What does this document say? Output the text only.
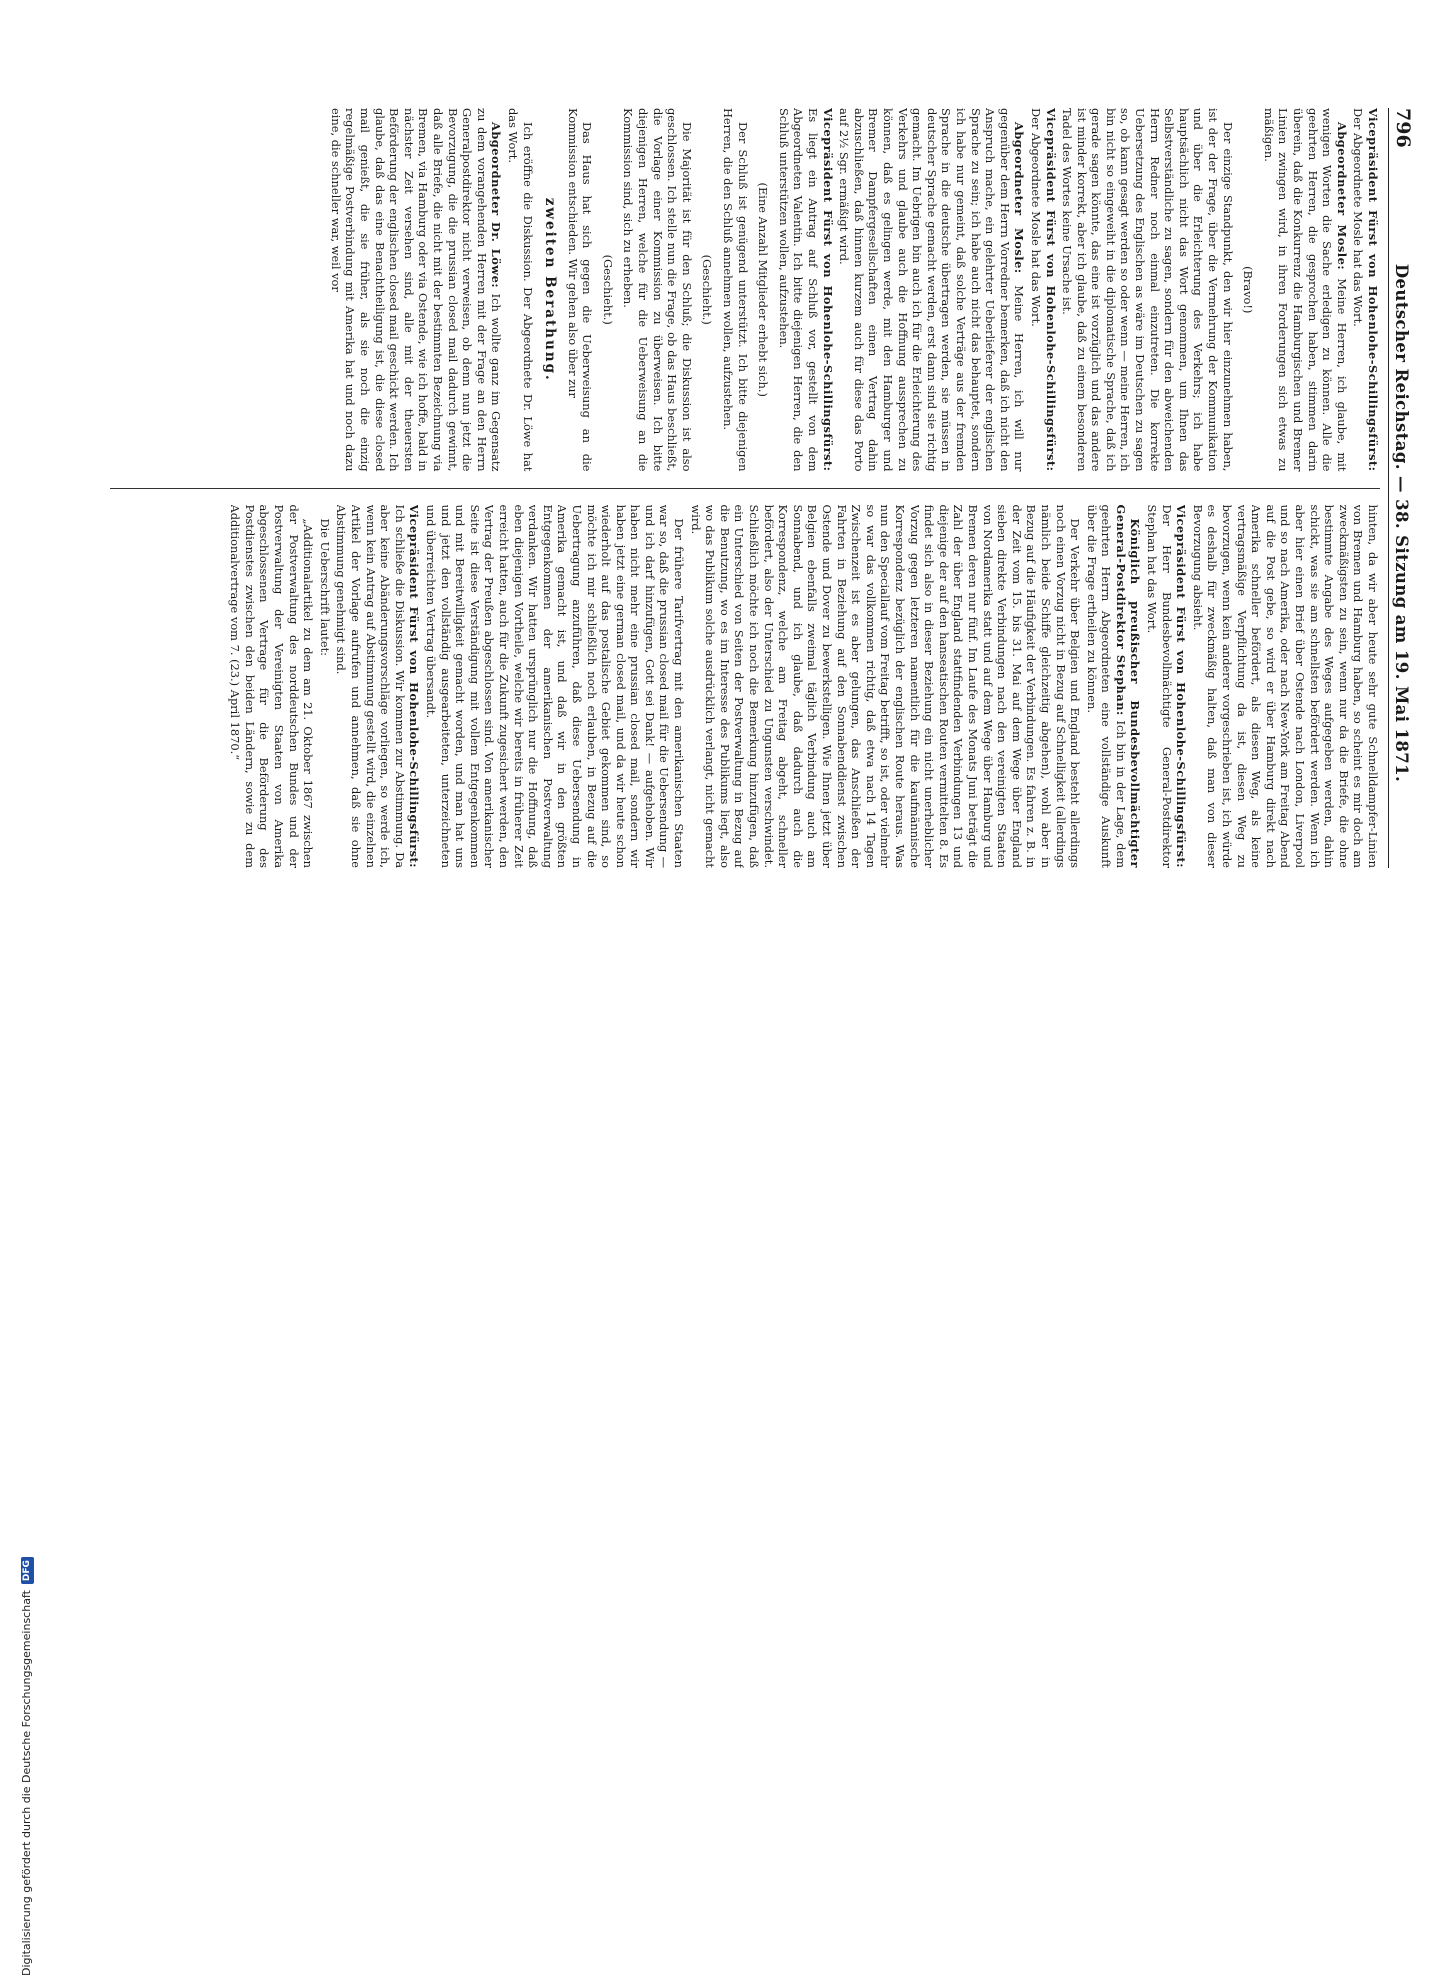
796
Deutscher Reichstag. — 38. Sitzung am 19. Mai 1871.

Vicepräsident Fürst von Hohenlohe-Schillingsfürst: Der Abgeordnete Mosle hat das Wort.

Abgeordneter Mosle: Meine Herren, ich glaube, mit wenigen Worten die Sache erledigen zu können. Alle die geehrten Herren, die gesprochen haben, stimmen darin überein, daß die Konkurrenz die Hamburgischen und Bremer Linien zwingen wird, in ihren Forderungen sich etwas zu mäßigen.

(Bravo!)

Der einzige Standpunkt, den wir hier einzunehmen haben, ist der der Frage, über die Vermehrung der Kommunikation und über die Erleichterung des Verkehrs; ich habe hauptsächlich nicht das Wort genommen, um Ihnen das Selbstverständliche zu sagen, sondern für den abweichenden Herrn Redner noch einmal einzutreten. Die korrekte Uebersetzung des Englischen as wäre im Deutschen zu sagen so, ob kann gesagt werden so oder wenn — meine Herren, ich bin nicht so eingeweiht in die diplomatische Sprache, daß ich gerade sagen könnte, das eine ist vorzüglich und das andere ist minder korrekt, aber ich glaube, daß zu einem besonderen Tadel des Wortes keine Ursache ist.

Vicepräsident Fürst von Hohenlohe-Schillingsfürst: Der Abgeordnete Mosle hat das Wort.

Abgeordneter Mosle: Meine Herren, ich will nur gegenüber dem Herrn Vorredner bemerken, daß ich nicht den Anspruch mache, ein gelehrter Ueberlieferer der englischen Sprache zu sein; ich habe auch nicht das behauptet, sondern ich habe nur gemeint, daß solche Verträge aus der fremden Sprache in die deutsche übertragen werden, sie müssen in deutscher Sprache gemacht werden, erst dann sind sie richtig gemacht. Im Uebrigen bin auch ich für die Erleichterung des Verkehrs und glaube auch die Hoffnung aussprechen zu können, daß es gelingen werde, mit den Hamburger und Bremer Dampfergesellschaften einen Vertrag dahin abzuschließen, daß hinnen kurzem auch für diese das Porto auf 2½ Sgr. ermäßigt wird.

Vicepräsident Fürst von Hohenlohe-Schillingsfürst: Es liegt ein Antrag auf Schluß vor, gestellt von dem Abgeordneten Valentin. Ich bitte diejenigen Herren, die den Schluß unterstützen wollen, aufzustehen.

(Eine Anzahl Mitglieder erhebt sich.)

Der Schluß ist genügend unterstützt. Ich bitte diejenigen Herren, die den Schluß annehmen wollen, aufzustehen.

(Geschieht.)

Die Majorität ist für den Schluß; die Diskussion ist also geschlossen. Ich stelle nun die Frage, ob das Haus beschließt, die Vorlage einer Kommission zu überweisen. Ich bitte diejenigen Herren, welche für die Ueberweisung an die Kommission sind, sich zu erheben.

(Geschieht.)

Das Haus hat sich gegen die Ueberweisung an die Kommission entschieden. Wir gehen also über zur

zweiten Berathung.

Ich eröffne die Diskussion. Der Abgeordnete Dr. Löwe hat das Wort.

Abgeordneter Dr. Löwe: Ich wollte ganz im Gegensatz zu dem vorangehenden Herren mit der Frage an den Herrn Generalpostdirektor nicht verweisen, ob denn nun jetzt die Bevorzugung, die die prussian closed mail dadurch gewinnt, daß alle Briefe, die nicht mit der bestimmten Bezeichnung via Bremen, via Hamburg oder via Ostende, wie ich hoffe, bald in nächster Zeit versehen sind, alle mit der theuersten Beförderung der englischen closed mail geschickt werden. Ich glaube, daß das eine Benachtheiligung ist, die diese closed mail genießt, die sie früher, als sie noch die einzig regelmäßige Postverbindung mit Amerika hat und noch dazu eine, die schneller war, weil vor

hinten, da wir aber heute sehr gute Schnelldampfer-Linien von Bremen und Hamburg haben, so scheint es mir doch am zweckmäßigsten zu sein, wenn nur da die Briefe, die ohne bestimmte Angabe des Weges aufgegeben werden, dahin schickt, was sie am schnellsten befördert werden. Wenn ich aber hier einen Brief über Ostende nach London, Liverpool und so nach Amerika, oder nach New-York am Freitag Abend auf die Post gebe, so wird er über Hamburg direkt nach Amerika schneller befördert, als diesen Weg, als keine vertragsmäßige Verpflichtung da ist, diesen Weg zu bevorzugen, wenn kein anderer vorgeschrieben ist, ich würde es deshalb für zweckmäßig halten, daß man von dieser Bevorzugung absieht.

Vicepräsident Fürst von Hohenlohe-Schillingsfürst: Der Herr Bundesbevollmächtigte General-Postdirektor Stephan hat das Wort.

Königlich preußischer Bundesbevollmächtigter General-Postdirektor Stephan: Ich bin in der Lage, dem geehrten Herrn Abgeordneten eine vollständige Auskunft über die Frage ertheilen zu können.

Der Verkehr über Belgien und England besteht allerdings noch einen Vorzug nicht in Bezug auf Schnelligkeit (allerdings nämlich beide Schiffe gleichzeitig abgehen), wohl aber in Bezug auf die Häufigkeit der Verbindungen. Es fahren z. B. in der Zeit vom 15. bis 31. Mai auf dem Wege über England sieben direkte Verbindungen nach den vereinigten Staaten von Nordamerika statt und auf dem Wege über Hamburg und Bremen deren nur fünf. Im Laufe des Monats Juni beträgt die Zahl der über England stattfindenden Verbindungen 13 und diejenige der auf den hanseatischen Routen vermittelten 8. Es findet sich also in dieser Beziehung ein nicht unerheblicher Vorzug gegen letzteren namentlich für die kaufmännische Korrespondenz bezüglich der englischen Route heraus. Was nun den Speciallauf vom Freitag betrifft, so ist, oder vielmehr so war das vollkommen richtig, daß etwa nach 14 Tagen Zwischenzeit ist es aber gelungen, das Anschließen der Fahrten in Beziehung auf den Sonnabenddienst zwischen Ostende und Dover zu bewerkstelligen. Wie Ihnen jetzt über Belgien ebenfalls zweimal täglich Verbindung auch am Sonnabend, und ich glaube, daß dadurch auch die Korrespondenz, welche am Freitag abgeht, schneller befördert, also der Unterschied zu Ungunsten verschwindet. Schließlich möchte ich noch die Bemerkung hinzufügen, daß ein Unterschied von Seiten der Postverwaltung in Bezug auf die Benutzung, wo es im Interesse des Publikums liegt, also wo das Publikum solche ausdrücklich verlangt, nicht gemacht wird.

Der frühere Tarifvertrag mit den amerikanischen Staaten war so, daß die prussian closed mail für die Uebersendung — und ich darf hinzufügen, Gott sei Dank! — aufgehoben. Wir haben nicht mehr eine prussian closed mail, sondern wir haben jetzt eine german closed mail, und da wir heute schon wiederholt auf das postalische Gebiet gekommen sind, so möchte ich mir schließlich noch erlauben, in Bezug auf die Uebertragung anzuführen, daß diese Uebersendung in Amerika gemacht ist, und daß wir in den größten Entgegenkommen der amerikanischen Postverwaltung verdanken. Wir hatten ursprünglich nur die Hoffnung, daß eben diejenigen Vortheile, welche wir bereits in früherer Zeit erreicht hatten, auch für die Zukunft zugesichert werden, den Vertrag der Preußen abgeschlossen sind. Von amerikanischer Seite ist diese Verständigung mit vollem Entgegenkommen und mit Bereitwilligkeit gemacht worden, und man hat uns und jetzt den vollständig ausgearbeiteten, unterzeichneten und überreichten Vertrag übersandt.

Vicepräsident Fürst von Hohenlohe-Schillingsfürst: Ich schließe die Diskussion. Wir kommen zur Abstimmung. Da aber keine Abänderungsvorschläge vorliegen, so werde ich, wenn kein Antrag auf Abstimmung gestellt wird, die einzelnen Artikel der Vorlage aufrufen und annehmen, daß sie ohne Abstimmung genehmigt sind.

Die Ueberschrift lautet:

„Additionalartikel zu dem am 21. Oktober 1867 zwischen der Postverwaltung des norddeutschen Bundes und der Postverwaltung der Vereinigten Staaten von Amerika abgeschlossenen Vertrage für die Beförderung des Postdienstes zwischen den beiden Ländern, sowie zu dem Additionalvertrage vom 7. (23.) April 1870.“

Digitalisierung gefördert durch die Deutsche Forschungsgemeinschaft
DFG
